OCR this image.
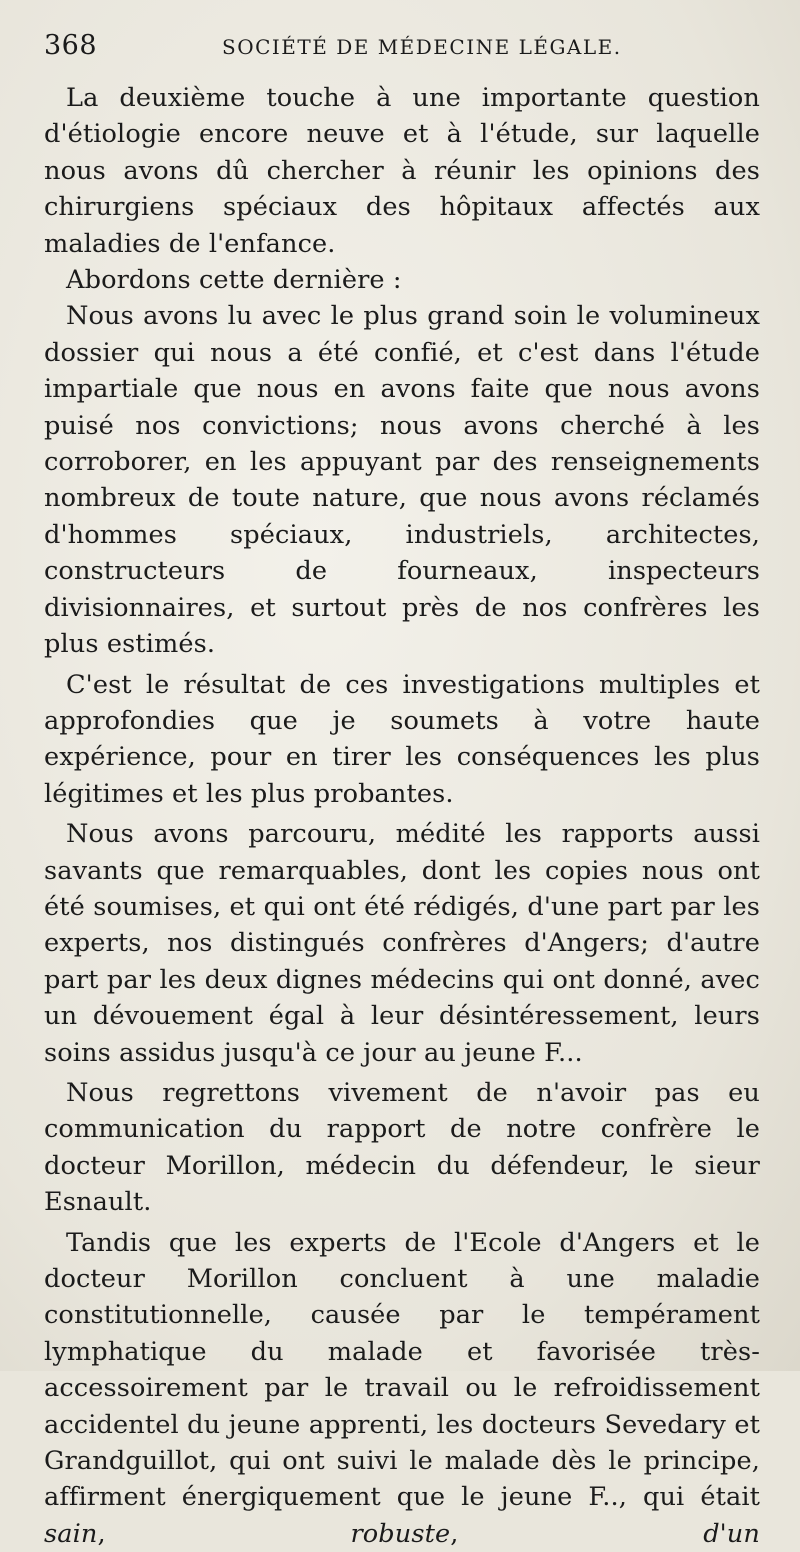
368	SOCIÉTÉ DE MÉDECINE LÉGALE.

La deuxième touche à une importante question d'étiologie encore neuve et à l'étude, sur laquelle nous avons dû chercher à réunir les opinions des chirurgiens spéciaux des hôpitaux affectés aux maladies de l'enfance.

Abordons cette dernière :

Nous avons lu avec le plus grand soin le volumineux dossier qui nous a été confié, et c'est dans l'étude impartiale que nous en avons faite que nous avons puisé nos convictions; nous avons cherché à les corroborer, en les appuyant par des renseignements nombreux de toute nature, que nous avons réclamés d'hommes spéciaux, industriels, architectes, constructeurs de fourneaux, inspecteurs divisionnaires, et surtout près de nos confrères les plus estimés.

C'est le résultat de ces investigations multiples et approfondies que je soumets à votre haute expérience, pour en tirer les conséquences les plus légitimes et les plus probantes.

Nous avons parcouru, médité les rapports aussi savants que remarquables, dont les copies nous ont été soumises, et qui ont été rédigés, d'une part par les experts, nos distingués confrères d'Angers; d'autre part par les deux dignes médecins qui ont donné, avec un dévouement égal à leur désintéressement, leurs soins assidus jusqu'à ce jour au jeune F...

Nous regrettons vivement de n'avoir pas eu communication du rapport de notre confrère le docteur Morillon, médecin du défendeur, le sieur Esnault.

Tandis que les experts de l'Ecole d'Angers et le docteur Morillon concluent à une maladie constitutionnelle, causée par le tempérament lymphatique du malade et favorisée très-accessoirement par le travail ou le refroidissement accidentel du jeune apprenti, les docteurs Sevedary et Grandguillot, qui ont suivi le malade dès le principe, affirment énergiquement que le jeune F.., qui était sain, robuste, d'un
